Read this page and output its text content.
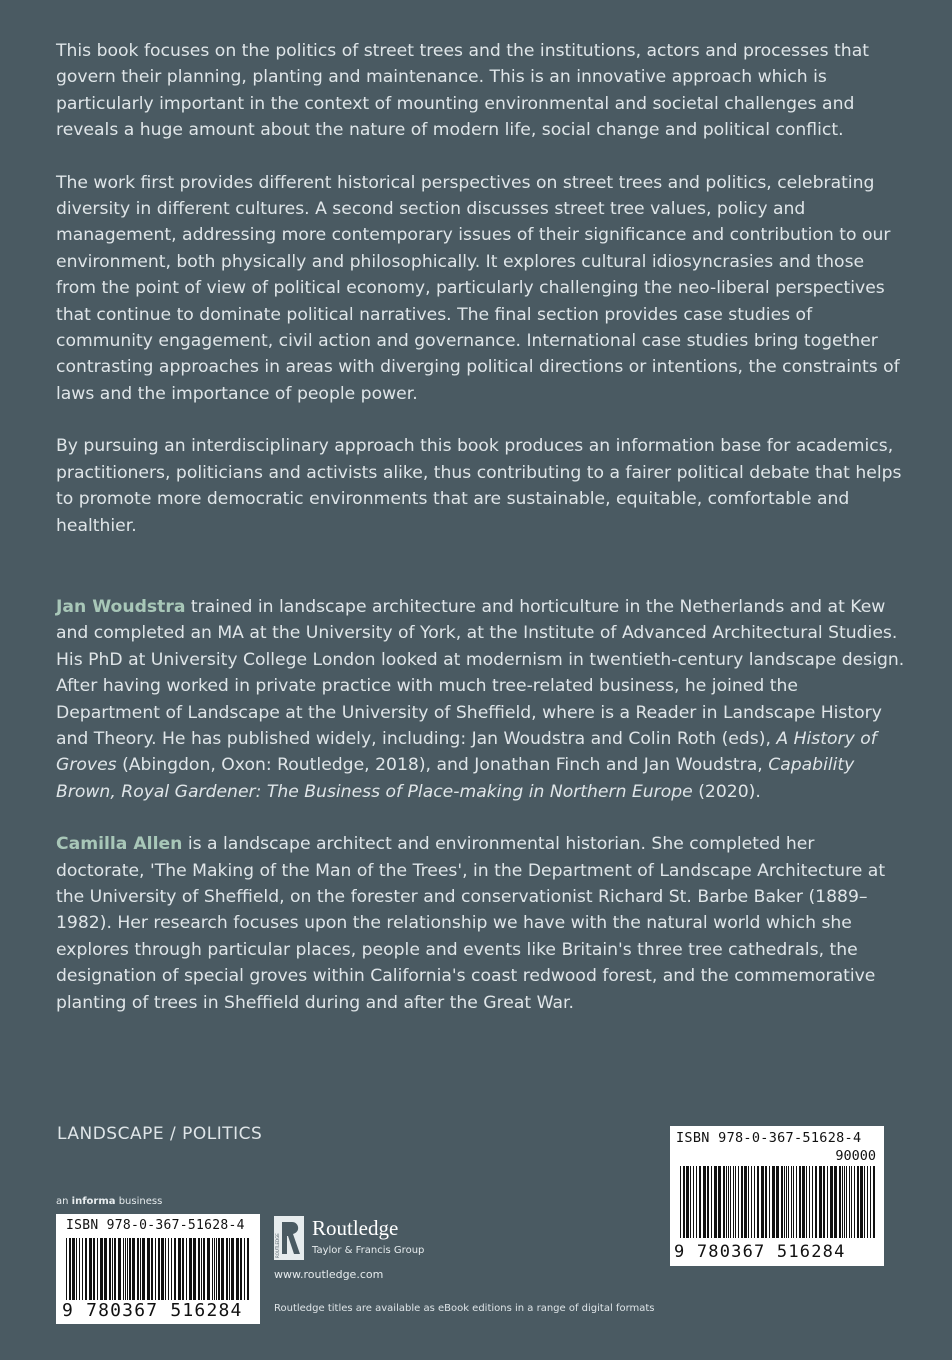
This book focuses on the politics of street trees and the institutions, actors and processes that govern their planning, planting and maintenance. This is an innovative approach which is particularly important in the context of mounting environmental and societal challenges and reveals a huge amount about the nature of modern life, social change and political conflict.

The work first provides different historical perspectives on street trees and politics, celebrating diversity in different cultures. A second section discusses street tree values, policy and management, addressing more contemporary issues of their significance and contribution to our environment, both physically and philosophically. It explores cultural idiosyncrasies and those from the point of view of political economy, particularly challenging the neo-liberal perspectives that continue to dominate political narratives. The final section provides case studies of community engagement, civil action and governance. International case studies bring together contrasting approaches in areas with diverging political directions or intentions, the constraints of laws and the importance of people power.

By pursuing an interdisciplinary approach this book produces an information base for academics, practitioners, politicians and activists alike, thus contributing to a fairer political debate that helps to promote more democratic environments that are sustainable, equitable, comfortable and healthier.

Jan Woudstra trained in landscape architecture and horticulture in the Netherlands and at Kew and completed an MA at the University of York, at the Institute of Advanced Architectural Studies. His PhD at University College London looked at modernism in twentieth-century landscape design. After having worked in private practice with much tree-related business, he joined the Department of Landscape at the University of Sheffield, where is a Reader in Landscape History and Theory. He has published widely, including: Jan Woudstra and Colin Roth (eds), A History of Groves (Abingdon, Oxon: Routledge, 2018), and Jonathan Finch and Jan Woudstra, Capability Brown, Royal Gardener: The Business of Place-making in Northern Europe (2020).

Camilla Allen is a landscape architect and environmental historian. She completed her doctorate, 'The Making of the Man of the Trees', in the Department of Landscape Architecture at the University of Sheffield, on the forester and conservationist Richard St. Barbe Baker (1889–1982). Her research focuses upon the relationship we have with the natural world which she explores through particular places, people and events like Britain's three tree cathedrals, the designation of special groves within California's coast redwood forest, and the commemorative planting of trees in Sheffield during and after the Great War.

LANDSCAPE / POLITICS
an informa business
ISBN 978-0-367-51628-4
9 780367 516284
ISBN 978-0-367-51628-4
90000
9 780367 516284
ROUTLEDGE
Routledge
Taylor & Francis Group
www.routledge.com
Routledge titles are available as eBook editions in a range of digital formats
